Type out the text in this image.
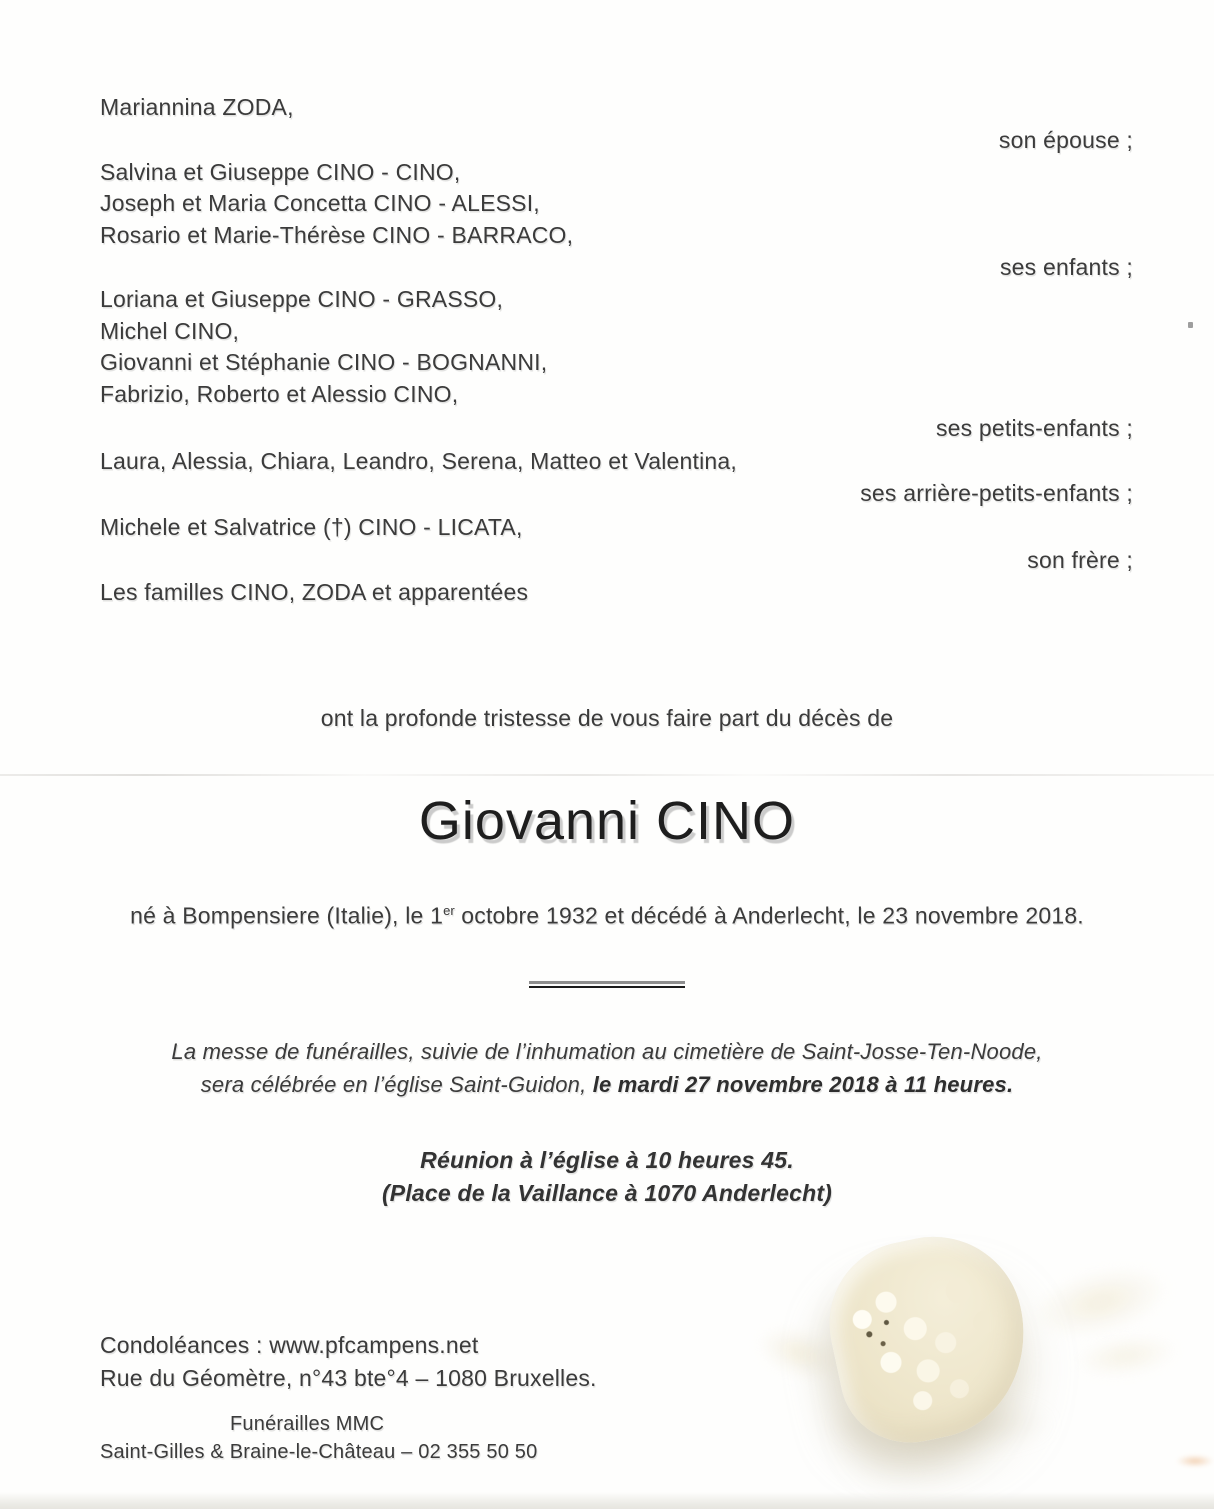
Mariannina ZODA,
son épouse ;
Salvina et Giuseppe CINO - CINO,
Joseph et Maria Concetta CINO - ALESSI,
Rosario et Marie-Thérèse CINO - BARRACO,
ses enfants ;
Loriana et Giuseppe CINO - GRASSO,
Michel CINO,
Giovanni et Stéphanie CINO - BOGNANNI,
Fabrizio, Roberto et Alessio CINO,
ses petits-enfants ;
Laura, Alessia, Chiara, Leandro, Serena, Matteo et Valentina,
ses arrière-petits-enfants ;
Michele et Salvatrice (†) CINO - LICATA,
son frère ;
Les familles CINO, ZODA et apparentées
ont la profonde tristesse de vous faire part du décès de
Giovanni CINO
né à Bompensiere (Italie), le 1er octobre 1932 et décédé à Anderlecht, le 23 novembre 2018.
La messe de funérailles, suivie de l’inhumation au cimetière de Saint-Josse-Ten-Noode,
sera célébrée en l’église Saint-Guidon, le mardi 27 novembre 2018 à 11 heures.
Réunion à l’église à 10 heures 45.
(Place de la Vaillance à 1070 Anderlecht)
Condoléances : www.pfcampens.net
Rue du Géomètre, n°43 bte°4 – 1080 Bruxelles.
Funérailles MMC
Saint-Gilles & Braine-le-Château – 02 355 50 50
